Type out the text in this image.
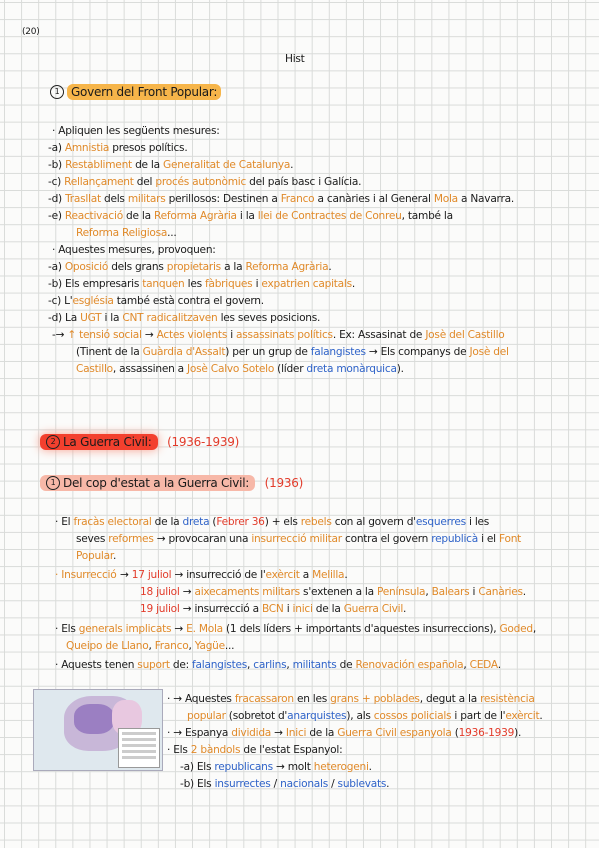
(20)
Hist
1 Govern del Front Popular:
· Apliquen les següents mesures:
-a) Amnistia presos polítics.
-b) Restabliment de la Generalitat de Catalunya.
-c) Rellançament del procés autonòmic del país basc i Galícia.
-d) Trasllat dels militars perillosos: Destinen a Franco a canàries i al General Mola a Navarra.
-e) Reactivació de la Reforma Agrària i la llei de Contractes de Conreu, també la
Reforma Religiosa...
· Aquestes mesures, provoquen:
-a) Oposició dels grans propietaris a la Reforma Agrària.
-b) Els empresaris tanquen les fàbriques i expatrien capitals.
-c) L'església també està contra el govern.
-d) La UGT i la CNT radicalitzaven les seves posicions.
-→ ↑ tensió social → Actes violents i assassinats polítics. Ex: Assasinat de Josè del Castillo
(Tinent de la Guàrdia d'Assalt) per un grup de falangistes → Els companys de Josè del
Castillo, assassinen a Josè Calvo Sotelo (líder dreta monàrquica).
2 La Guerra Civil: (1936-1939)
1 Del cop d'estat a la Guerra Civil: (1936)
· El fracàs electoral de la dreta (Febrer 36) + els rebels con al govern d'esquerres i les
seves reformes → provocaran una insurrecció militar contra el govern republicà i el Font
Popular.
· Insurrecció → 17 juliol → insurrecció de l'exèrcit a Melilla.
18 juliol → aixecaments militars s'extenen a la Península, Balears i Canàries.
19 juliol → insurrecció a BCN i inici de la Guerra Civil.
· Els generals implicats → E. Mola (1 dels líders + importants d'aquestes insurreccions), Goded,
Queipo de Llano, Franco, Yagüe...
· Aquests tenen suport de: falangistes, carlins, militants de Renovación española, CEDA.
· → Aquestes fracassaron en les grans + poblades, degut a la resistència
popular (sobretot d'anarquistes), als cossos policials i part de l'exèrcit.
· → Espanya dividida → Inici de la Guerra Civil espanyola (1936-1939).
· Els 2 bàndols de l'estat Espanyol:
-a) Els republicans → molt heterogeni.
-b) Els insurrectes / nacionals / sublevats.
